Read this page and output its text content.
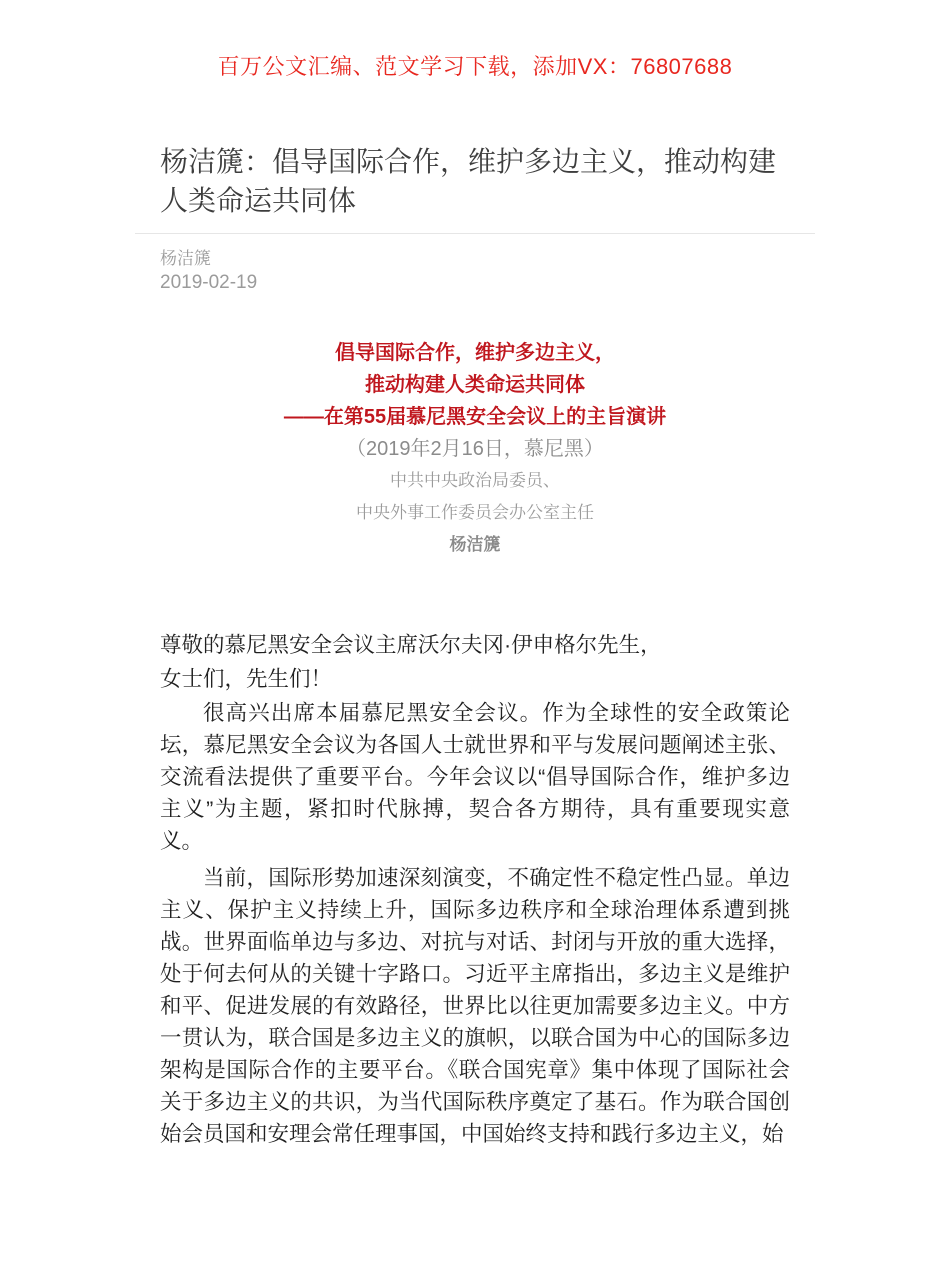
百万公文汇编、范文学习下载，添加VX：76807688
杨洁篪：倡导国际合作，维护多边主义，推动构建人类命运共同体
杨洁篪
2019-02-19
倡导国际合作，维护多边主义，
推动构建人类命运共同体
——在第55届慕尼黑安全会议上的主旨演讲
（2019年2月16日，慕尼黑）
中共中央政治局委员、
中央外事工作委员会办公室主任
杨洁篪

尊敬的慕尼黑安全会议主席沃尔夫冈·伊申格尔先生，

女士们，先生们！

很高兴出席本届慕尼黑安全会议。作为全球性的安全政策论坛，慕尼黑安全会议为各国人士就世界和平与发展问题阐述主张、交流看法提供了重要平台。今年会议以“倡导国际合作，维护多边主义”为主题，紧扣时代脉搏，契合各方期待，具有重要现实意义。

当前，国际形势加速深刻演变，不确定性不稳定性凸显。单边主义、保护主义持续上升，国际多边秩序和全球治理体系遭到挑战。世界面临单边与多边、对抗与对话、封闭与开放的重大选择，处于何去何从的关键十字路口。习近平主席指出，多边主义是维护和平、促进发展的有效路径，世界比以往更加需要多边主义。中方一贯认为，联合国是多边主义的旗帜，以联合国为中心的国际多边架构是国际合作的主要平台。《联合国宪章》集中体现了国际社会关于多边主义的共识，为当代国际秩序奠定了基石。作为联合国创始会员国和安理会常任理事国，中国始终支持和践行多边主义，始
